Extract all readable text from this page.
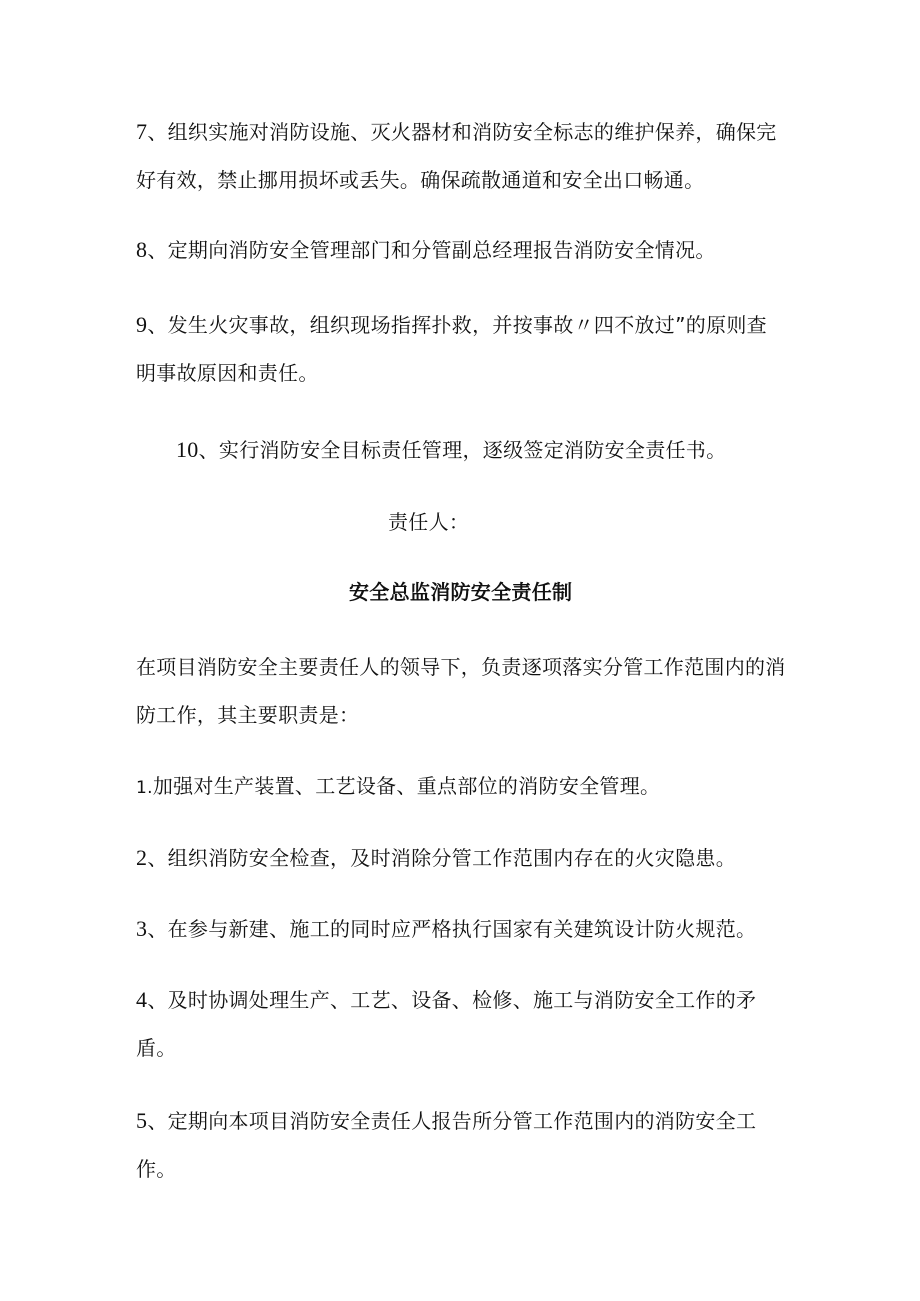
7、组织实施对消防设施、灭火器材和消防安全标志的维护保养，确保完
好有效，禁止挪用损坏或丢失。确保疏散通道和安全出口畅通。
8、定期向消防安全管理部门和分管副总经理报告消防安全情况。
9、发生火灾事故，组织现场指挥扑救，并按事故〃四不放过”的原则查
明事故原因和责任。
10、实行消防安全目标责任管理，逐级签定消防安全责任书。
责任人：
安全总监消防安全责任制
在项目消防安全主要责任人的领导下，负责逐项落实分管工作范围内的消
防工作，其主要职责是：
1.加强对生产装置、工艺设备、重点部位的消防安全管理。
2、组织消防安全检查，及时消除分管工作范围内存在的火灾隐患。
3、在参与新建、施工的同时应严格执行国家有关建筑设计防火规范。
4、及时协调处理生产、工艺、设备、检修、施工与消防安全工作的矛
盾。
5、定期向本项目消防安全责任人报告所分管工作范围内的消防安全工
作。
